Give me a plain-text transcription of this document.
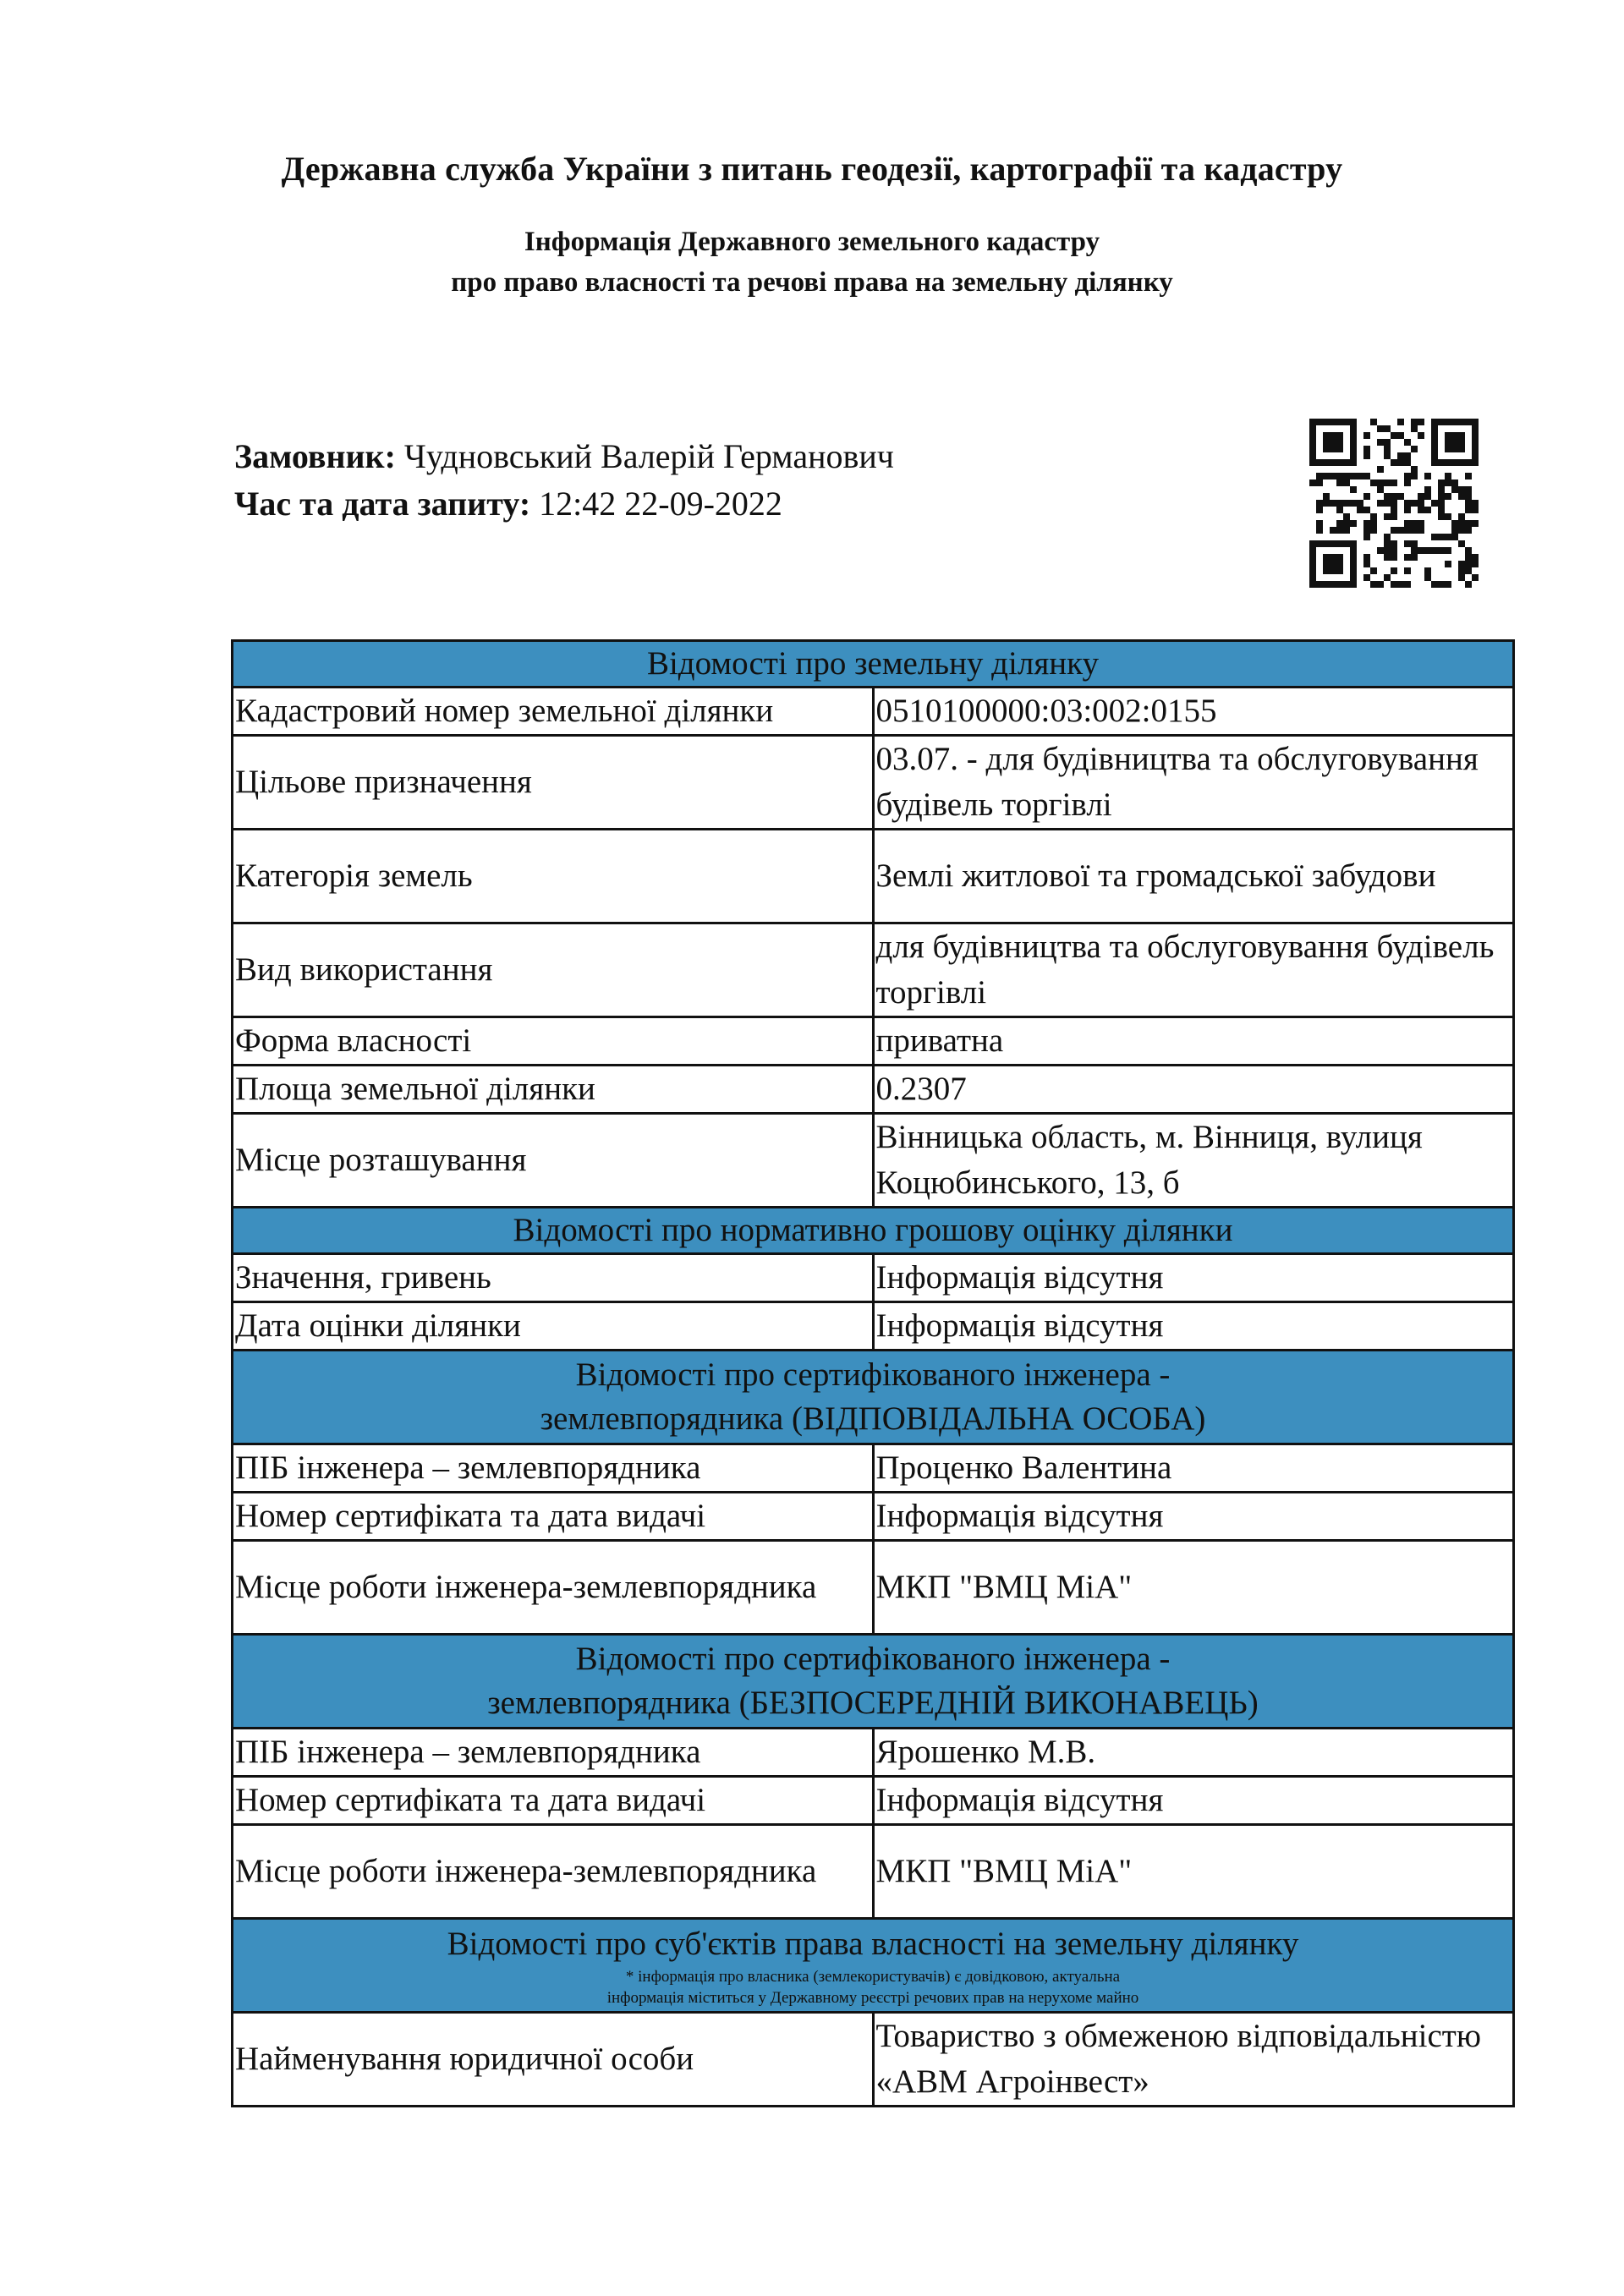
Державна служба України з питань геодезії, картографії та кадастру
Інформація Державного земельного кадастру
про право власності та речові права на земельну ділянку
Замовник: Чудновський Валерій Германович
Час та дата запиту: 12:42 22-09-2022
Відомості про земельну ділянку	
Кадастровий номер земельної ділянки	0510100000:03:002:0155
Цільове призначення	03.07. - для будівництва та обслуговування будівель торгівлі
Категорія земель	Землі житлової та громадської забудови
Вид використання	для будівництва та обслуговування будівель торгівлі
Форма власності	приватна
Площа земельної ділянки	0.2307
Місце розташування	Вінницька область, м. Вінниця, вулиця Коцюбинського, 13, б
Відомості про нормативно грошову оцінку ділянки	
Значення, гривень	Інформація відсутня
Дата оцінки ділянки	Інформація відсутня

Відомості про сертифікованого інженера -
землевпорядника (ВІДПОВІДАЛЬНА ОСОБА)	

ПІБ інженера – землевпорядника	Проценко Валентина
Номер сертифіката та дата видачі	Інформація відсутня
Місце роботи інженера-землевпорядника	МКП "ВМЦ МіА"

Відомості про сертифікованого інженера -
землевпорядника (БЕЗПОСЕРЕДНІЙ ВИКОНАВЕЦЬ)	

ПІБ інженера – землевпорядника	Ярошенко М.В.
Номер сертифіката та дата видачі	Інформація відсутня
Місце роботи інженера-землевпорядника	МКП "ВМЦ МіА"

Відомості про суб'єктів права власності на земельну ділянку
* інформація про власника (землекористувачів) є довідковою, актуальна
інформація міститься у Державному реєстрі речових прав на нерухоме майно	

Найменування юридичної особи	Товариство з обмеженою відповідальністю «АВМ Агроінвест»
